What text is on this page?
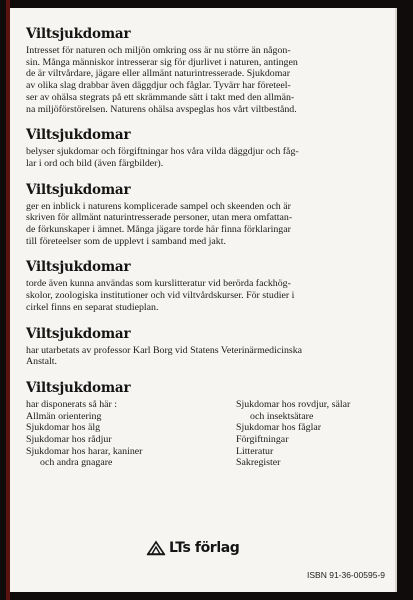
Viltsjukdomar

Intresset för naturen och miljön omkring oss är nu större än någon-
sin. Många människor intresserar sig för djurlivet i naturen, antingen
de är viltvårdare, jägare eller allmänt naturintresserade. Sjukdomar
av olika slag drabbar även däggdjur och fåglar. Tyvärr har företeel-
ser av ohälsa stegrats på ett skrämmande sätt i takt med den allmän-
na miljöförstörelsen. Naturens ohälsa avspeglas hos vårt viltbestånd.

Viltsjukdomar

belyser sjukdomar och förgiftningar hos våra vilda däggdjur och fåg-
lar i ord och bild (även färgbilder).

Viltsjukdomar

ger en inblick i naturens komplicerade sampel och skeenden och är
skriven för allmänt naturintresserade personer, utan mera omfattan-
de förkunskaper i ämnet. Många jägare torde här finna förklaringar
till företeelser som de upplevt i samband med jakt.

Viltsjukdomar

torde även kunna användas som kurslitteratur vid berörda fackhög-
skolor, zoologiska institutioner och vid viltvårdskurser. För studier i
cirkel finns en separat studieplan.

Viltsjukdomar

har utarbetats av professor Karl Borg vid Statens Veterinärmedicinska
Anstalt.

Viltsjukdomar

har disponerats så här :
Allmän orientering
Sjukdomar hos älg
Sjukdomar hos rådjur
Sjukdomar hos harar, kaniner
och andra gnagare
Sjukdomar hos rovdjur, sälar
och insektsätare
Sjukdomar hos fåglar
Förgiftningar
Litteratur
Sakregister
LTs förlag
ISBN 91-36-00595-9
